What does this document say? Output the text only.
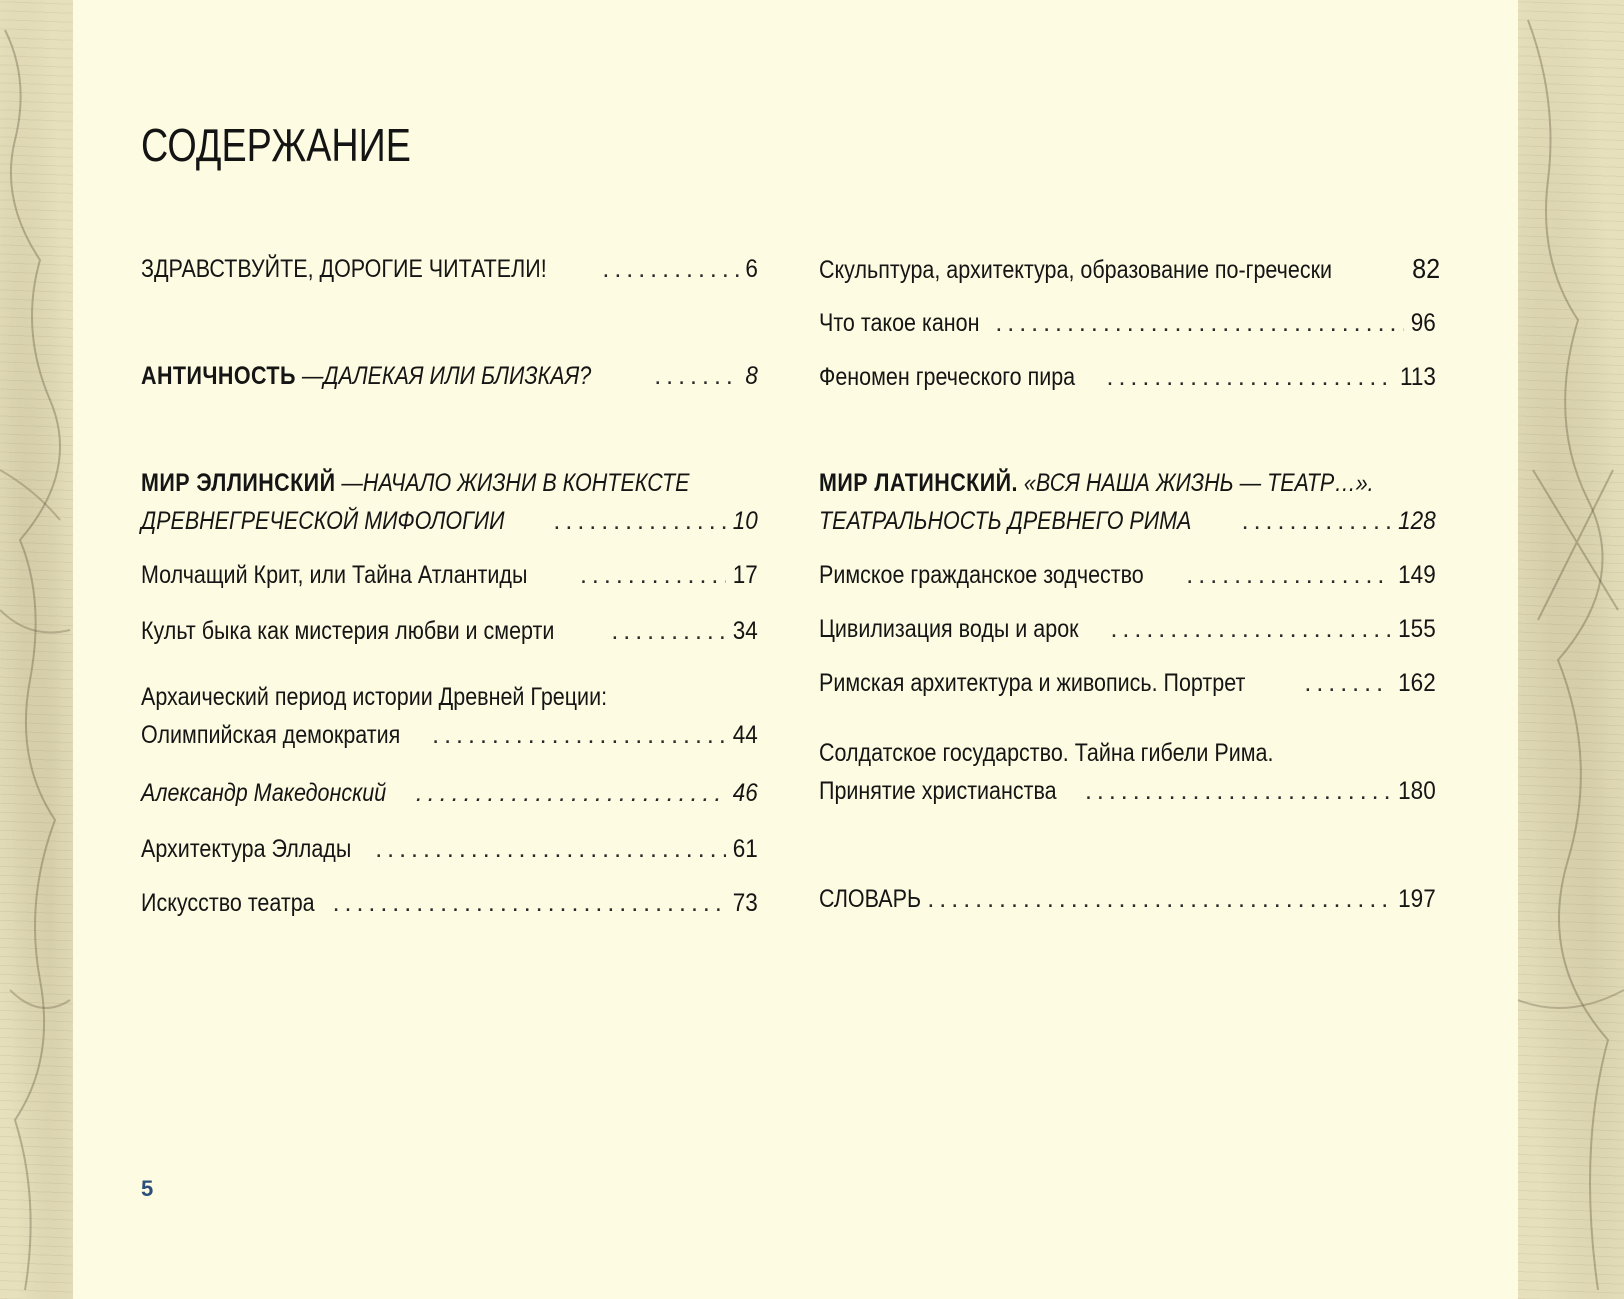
СОДЕРЖАНИЕ
ЗДРАВСТВУЙТЕ, ДОРОГИЕ ЧИТАТЕЛИ! .....	6
АНТИЧНОСТЬ —ДАЛЕКАЯ ИЛИ БЛИЗКАЯ? .....	8
МИР ЭЛЛИНСКИЙ —НАЧАЛО ЖИЗНИ В КОНТЕКСТЕ
ДРЕВНЕГРЕЧЕСКОЙ МИФОЛОГИИ .....	10
Молчащий Крит, или Тайна Атлантиды .....	17
Культ быка как мистерия любви и смерти .....	34
Архаический период истории Древней Греции:
Олимпийская демократия .....	44
Александр Македонский .....	46
Архитектура Эллады .....	61
Искусство театра .....	73
Скульптура, архитектура, образование по-гречески	82
Что такое канон .....	96
Феномен греческого пира .....	113
МИР ЛАТИНСКИЙ. «ВСЯ НАША ЖИЗНЬ — ТЕАТР…».
ТЕАТРАЛЬНОСТЬ ДРЕВНЕГО РИМА .....	128
Римское гражданское зодчество .....	149
Цивилизация воды и арок .....	155
Римская архитектура и живопись. Портрет .....	162
Солдатское государство. Тайна гибели Рима.
Принятие христианства .....	180
СЛОВАРЬ .....	197
5
